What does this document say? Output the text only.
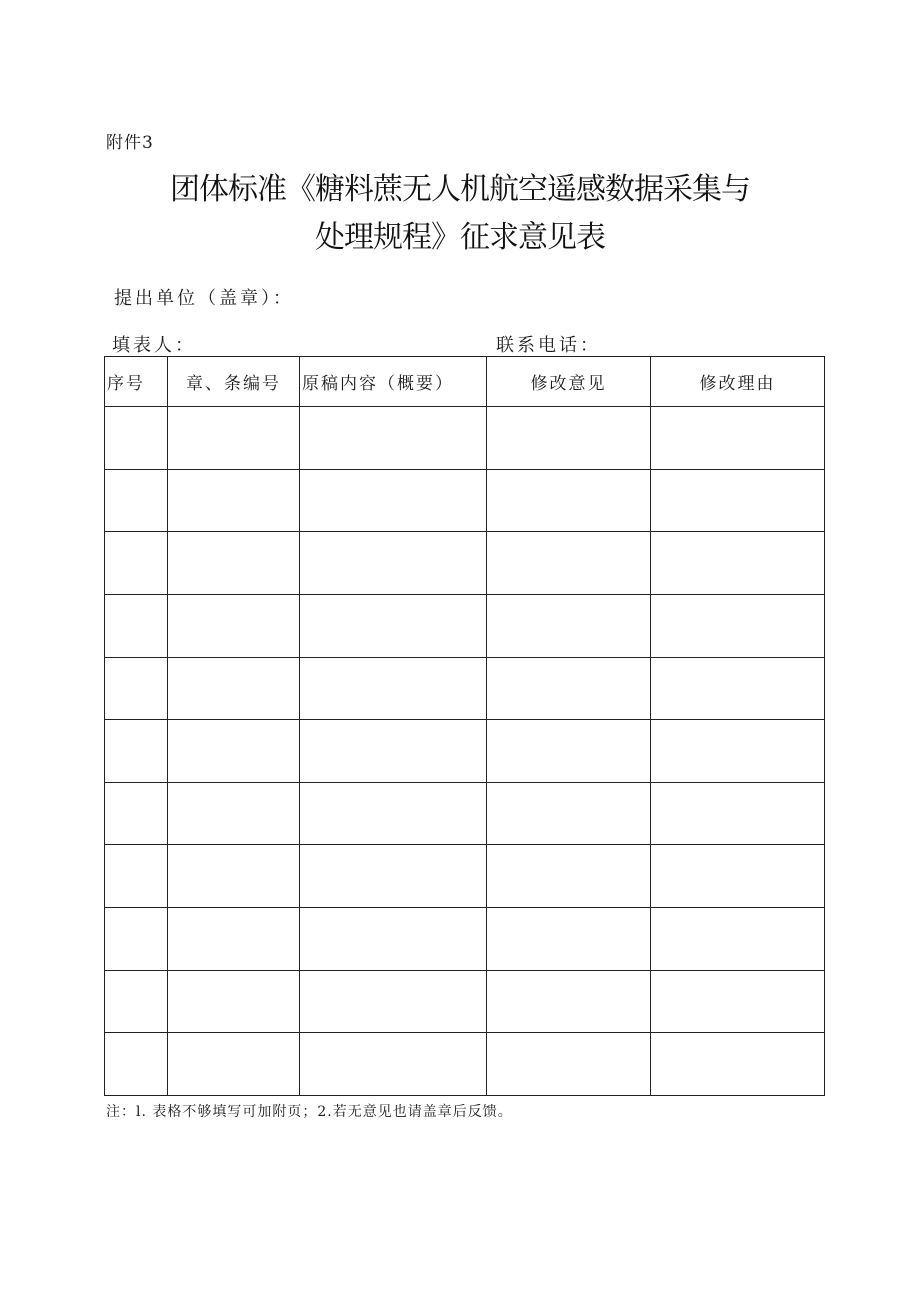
附件3
团体标准《糖料蔗无人机航空遥感数据采集与
处理规程》征求意见表
提出单位（盖章）：
填表人：	联系电话：
序号	章、条编号	原稿内容（概要）	修改意见	修改理由

注：l. 表格不够填写可加附页；2.若无意见也请盖章后反馈。
